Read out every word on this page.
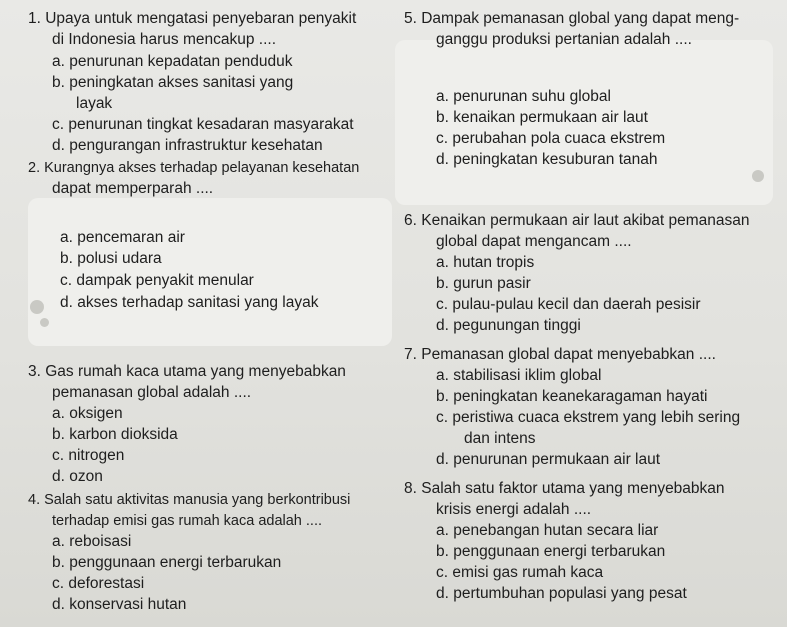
1. Upaya untuk mengatasi penyebaran penyakit
di Indonesia harus mencakup ....
a. penurunan kepadatan penduduk
b. peningkatan akses sanitasi yang
layak
c. penurunan tingkat kesadaran masyarakat
d. pengurangan infrastruktur kesehatan
2. Kurangnya akses terhadap pelayanan kesehatan
dapat memperparah ....
a. pencemaran air
b. polusi udara
c. dampak penyakit menular
d. akses terhadap sanitasi yang layak
3. Gas rumah kaca utama yang menyebabkan
pemanasan global adalah ....
a. oksigen
b. karbon dioksida
c. nitrogen
d. ozon
4. Salah satu aktivitas manusia yang berkontribusi
terhadap emisi gas rumah kaca adalah ....
a. reboisasi
b. penggunaan energi terbarukan
c. deforestasi
d. konservasi hutan
5. Dampak pemanasan global yang dapat meng-
ganggu produksi pertanian adalah ....
a. penurunan suhu global
b. kenaikan permukaan air laut
c. perubahan pola cuaca ekstrem
d. peningkatan kesuburan tanah
6. Kenaikan permukaan air laut akibat pemanasan
global dapat mengancam ....
a. hutan tropis
b. gurun pasir
c. pulau-pulau kecil dan daerah pesisir
d. pegunungan tinggi
7. Pemanasan global dapat menyebabkan ....
a. stabilisasi iklim global
b. peningkatan keanekaragaman hayati
c. peristiwa cuaca ekstrem yang lebih sering
dan intens
d. penurunan permukaan air laut
8. Salah satu faktor utama yang menyebabkan
krisis energi adalah ....
a. penebangan hutan secara liar
b. penggunaan energi terbarukan
c. emisi gas rumah kaca
d. pertumbuhan populasi yang pesat
